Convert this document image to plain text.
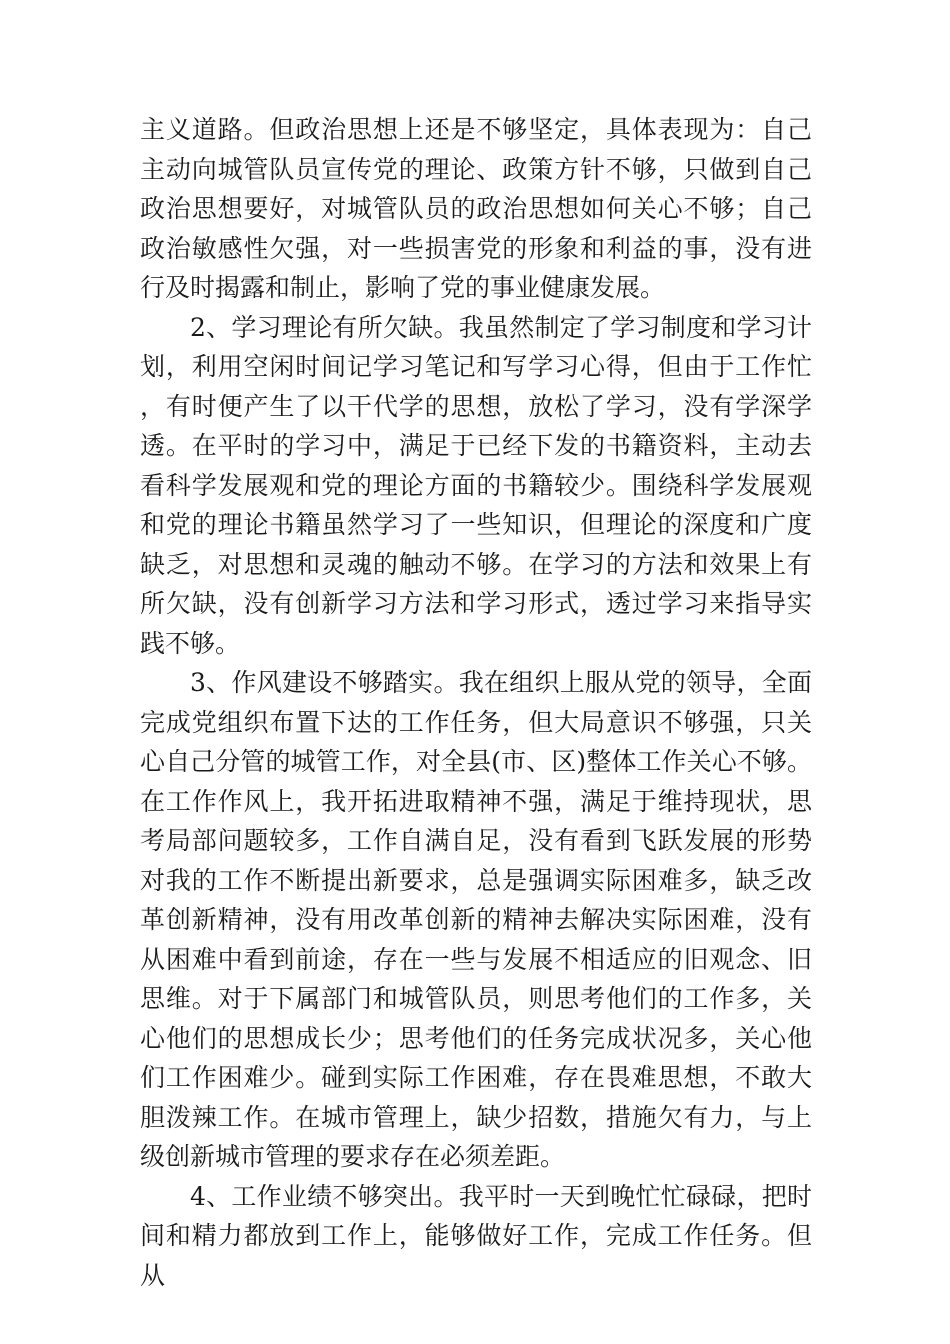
主义道路。但政治思想上还是不够坚定，具体表现为：自己主动向城管队员宣传党的理论、政策方针不够，只做到自己政治思想要好，对城管队员的政治思想如何关心不够；自己政治敏感性欠强，对一些损害党的形象和利益的事，没有进行及时揭露和制止，影响了党的事业健康发展。

2、学习理论有所欠缺。我虽然制定了学习制度和学习计划，利用空闲时间记学习笔记和写学习心得，但由于工作忙，有时便产生了以干代学的思想，放松了学习，没有学深学透。在平时的学习中，满足于已经下发的书籍资料，主动去看科学发展观和党的理论方面的书籍较少。围绕科学发展观和党的理论书籍虽然学习了一些知识，但理论的深度和广度缺乏，对思想和灵魂的触动不够。在学习的方法和效果上有所欠缺，没有创新学习方法和学习形式，透过学习来指导实践不够。

3、作风建设不够踏实。我在组织上服从党的领导，全面完成党组织布置下达的工作任务，但大局意识不够强，只关心自己分管的城管工作，对全县(市、区)整体工作关心不够。在工作作风上，我开拓进取精神不强，满足于维持现状，思考局部问题较多，工作自满自足，没有看到飞跃发展的形势对我的工作不断提出新要求，总是强调实际困难多，缺乏改革创新精神，没有用改革创新的精神去解决实际困难，没有从困难中看到前途，存在一些与发展不相适应的旧观念、旧思维。对于下属部门和城管队员，则思考他们的工作多，关心他们的思想成长少；思考他们的任务完成状况多，关心他们工作困难少。碰到实际工作困难，存在畏难思想，不敢大胆泼辣工作。在城市管理上，缺少招数，措施欠有力，与上级创新城市管理的要求存在必须差距。

4、工作业绩不够突出。我平时一天到晚忙忙碌碌，把时间和精力都放到工作上，能够做好工作，完成工作任务。但从
